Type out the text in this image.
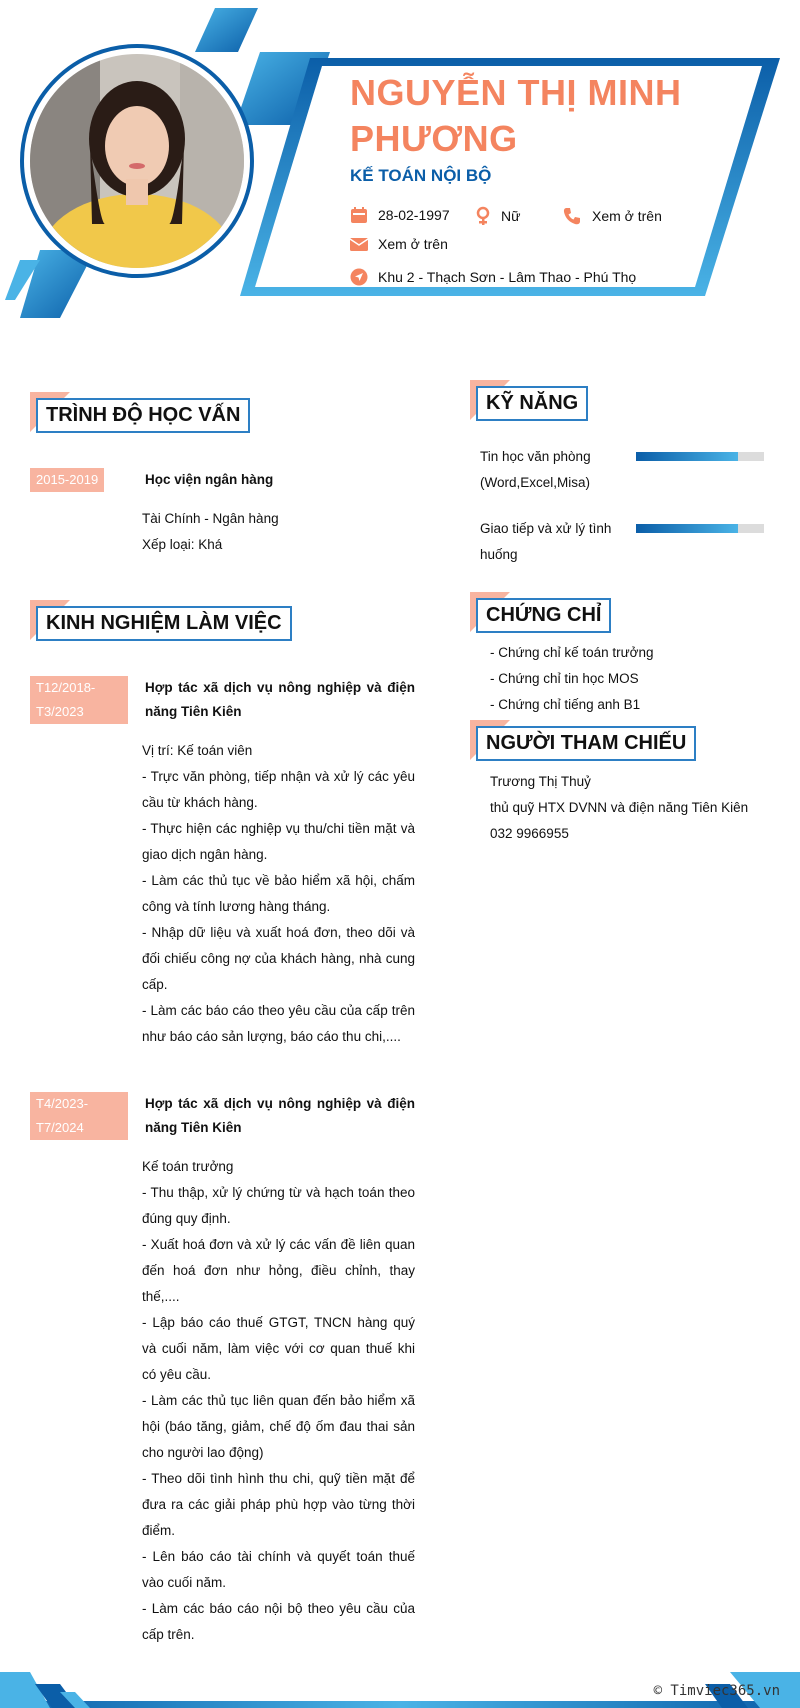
NGUYỄN THỊ MINH PHƯƠNG
KẾ TOÁN NỘI BỘ
28-02-1997	Nữ	Xem ở trên
Xem ở trên
Khu 2 - Thạch Sơn - Lâm Thao - Phú Thọ
TRÌNH ĐỘ HỌC VẤN
2015-2019	Học viện ngân hàng
Tài Chính - Ngân hàng
Xếp loại: Khá
KINH NGHIỆM LÀM VIỆC
T12/2018-T3/2023
Hợp tác xã dịch vụ nông nghiệp và điện năng Tiên Kiên
Vị trí: Kế toán viên
- Trực văn phòng, tiếp nhận và xử lý các yêu cầu từ khách hàng.
- Thực hiện các nghiệp vụ thu/chi tiền mặt và giao dịch ngân hàng.
- Làm các thủ tục về bảo hiểm xã hội, chấm công và tính lương hàng tháng.
- Nhập dữ liệu và xuất hoá đơn, theo dõi và đối chiếu công nợ của khách hàng, nhà cung cấp.
- Làm các báo cáo theo yêu cầu của cấp trên như báo cáo sản lượng, báo cáo thu chi,....
T4/2023-T7/2024
Hợp tác xã dịch vụ nông nghiệp và điện năng Tiên Kiên
Kế toán trưởng
- Thu thập, xử lý chứng từ và hạch toán theo đúng quy định.
- Xuất hoá đơn và xử lý các vấn đề liên quan đến hoá đơn như hỏng, điều chỉnh, thay thế,....
- Lập báo cáo thuế GTGT, TNCN hàng quý và cuối năm, làm việc với cơ quan thuế khi có yêu cầu.
- Làm các thủ tục liên quan đến bảo hiểm xã hội (báo tăng, giảm, chế độ ốm đau thai sản cho người lao động)
- Theo dõi tình hình thu chi, quỹ tiền mặt để đưa ra các giải pháp phù hợp vào từng thời điểm.
- Lên báo cáo tài chính và quyết toán thuế vào cuối năm.
- Làm các báo cáo nội bộ theo yêu cầu của cấp trên.
KỸ NĂNG
Tin học văn phòng (Word,Excel,Misa)
Giao tiếp và xử lý tình huống
CHỨNG CHỈ
- Chứng chỉ kế toán trưởng
- Chứng chỉ tin học MOS
- Chứng chỉ tiếng anh B1
NGƯỜI THAM CHIẾU
Trương Thị Thuỷ
thủ quỹ HTX DVNN và điện năng Tiên Kiên
032 9966955
© Timviec365.vn
